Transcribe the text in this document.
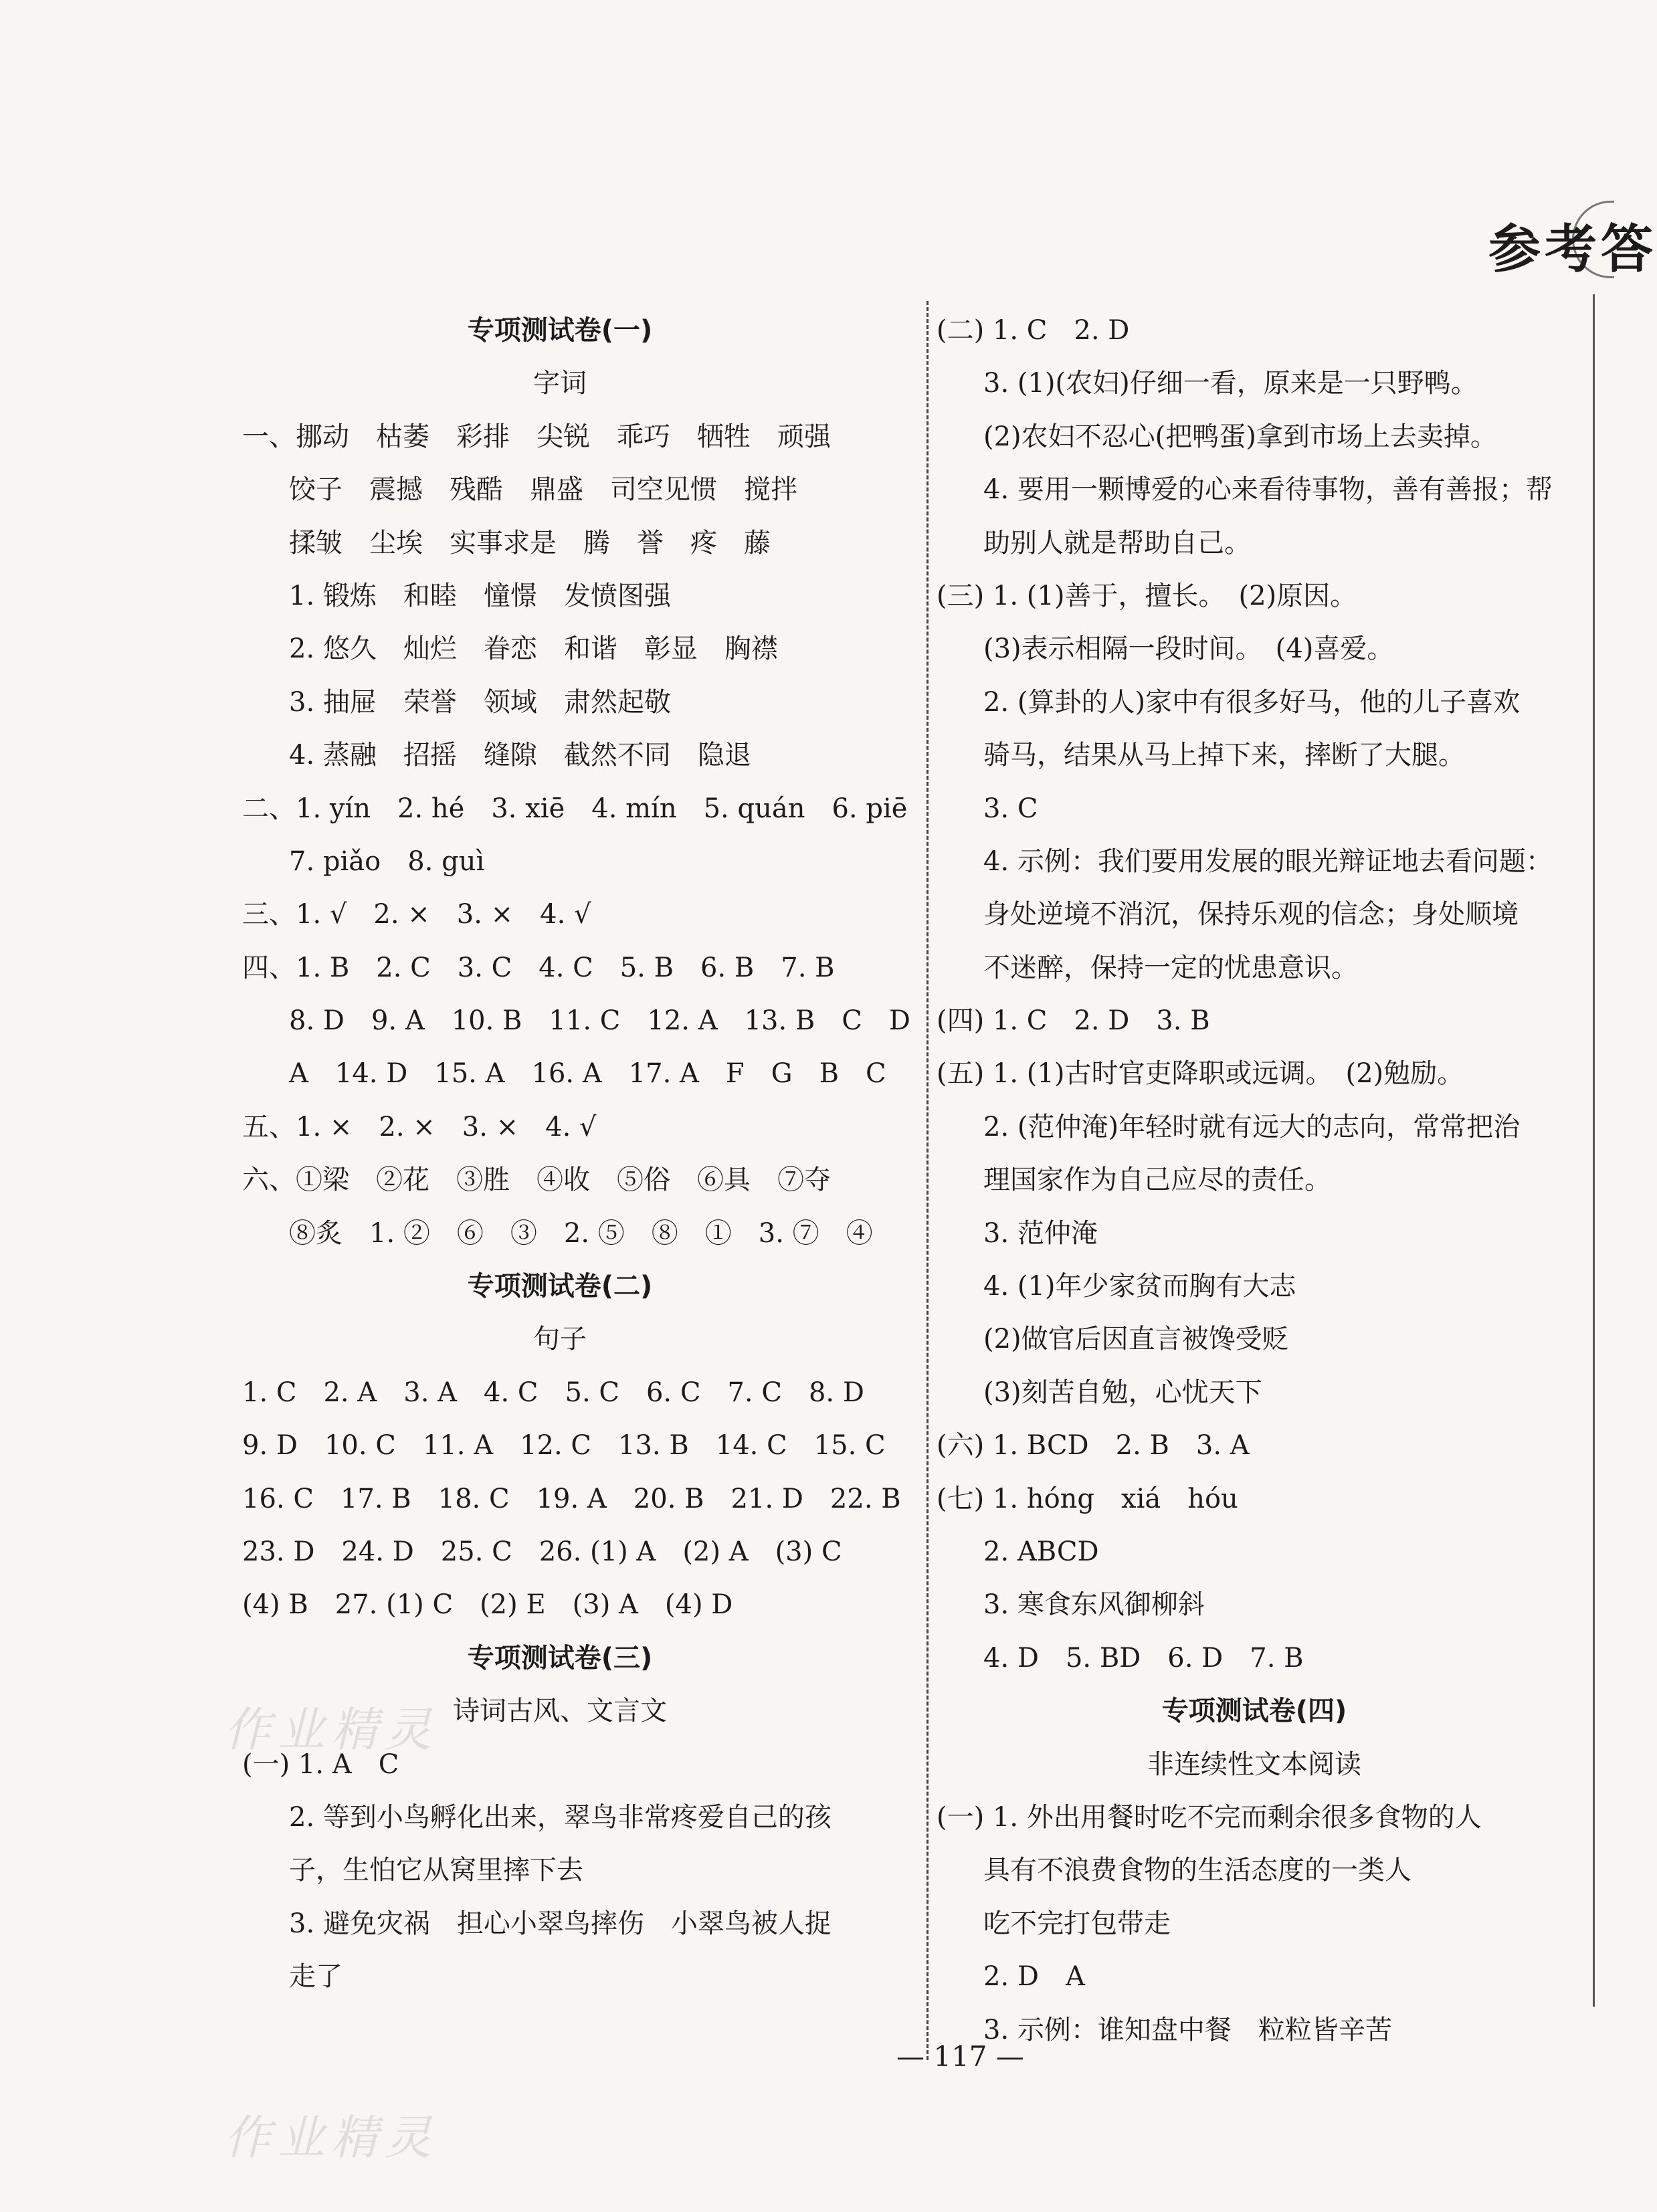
参考答
专项测试卷(一)
字词
一、挪动　枯萎　彩排　尖锐　乖巧　牺牲　顽强
饺子　震撼　残酷　鼎盛　司空见惯　搅拌
揉皱　尘埃　实事求是　腾　誉　疼　藤
1. 锻炼　和睦　憧憬　发愤图强
2. 悠久　灿烂　眷恋　和谐　彰显　胸襟
3. 抽屉　荣誉　领域　肃然起敬
4. 蒸融　招摇　缝隙　截然不同　隐退
二、1. yín　2. hé　3. xiē　4. mín　5. quán　6. piē
7. piǎo　8. guì
三、1. √　2. ×　3. ×　4. √
四、1. B　2. C　3. C　4. C　5. B　6. B　7. B
8. D　9. A　10. B　11. C　12. A　13. B　C　D
A　14. D　15. A　16. A　17. A　F　G　B　C
五、1. ×　2. ×　3. ×　4. √
六、①梁　②花　③胜　④收　⑤俗　⑥具　⑦夺
⑧炙　1. ②　⑥　③　2. ⑤　⑧　①　3. ⑦　④
专项测试卷(二)
句子
1. C　2. A　3. A　4. C　5. C　6. C　7. C　8. D
9. D　10. C　11. A　12. C　13. B　14. C　15. C
16. C　17. B　18. C　19. A　20. B　21. D　22. B
23. D　24. D　25. C　26. (1) A　(2) A　(3) C
(4) B　27. (1) C　(2) E　(3) A　(4) D
专项测试卷(三)
诗词古风、文言文
(一) 1. A　C
2. 等到小鸟孵化出来，翠鸟非常疼爱自己的孩
子，生怕它从窝里摔下去
3. 避免灾祸　担心小翠鸟摔伤　小翠鸟被人捉
走了
(二) 1. C　2. D
3. (1)(农妇)仔细一看，原来是一只野鸭。
(2)农妇不忍心(把鸭蛋)拿到市场上去卖掉。
4. 要用一颗博爱的心来看待事物，善有善报；帮
助别人就是帮助自己。
(三) 1. (1)善于，擅长。　(2)原因。
(3)表示相隔一段时间。　(4)喜爱。
2. (算卦的人)家中有很多好马，他的儿子喜欢
骑马，结果从马上掉下来，摔断了大腿。
3. C
4. 示例：我们要用发展的眼光辩证地去看问题：
身处逆境不消沉，保持乐观的信念；身处顺境
不迷醉，保持一定的忧患意识。
(四) 1. C　2. D　3. B
(五) 1. (1)古时官吏降职或远调。　(2)勉励。
2. (范仲淹)年轻时就有远大的志向，常常把治
理国家作为自己应尽的责任。
3. 范仲淹
4. (1)年少家贫而胸有大志
(2)做官后因直言被馋受贬
(3)刻苦自勉，心忧天下
(六) 1. BCD　2. B　3. A
(七) 1. hóng　xiá　hóu
2. ABCD
3. 寒食东风御柳斜
4. D　5. BD　6. D　7. B
专项测试卷(四)
非连续性文本阅读
(一) 1. 外出用餐时吃不完而剩余很多食物的人
具有不浪费食物的生活态度的一类人
吃不完打包带走
2. D　A
3. 示例：谁知盘中餐　粒粒皆辛苦
— 117 —
作业精灵
作业精灵
